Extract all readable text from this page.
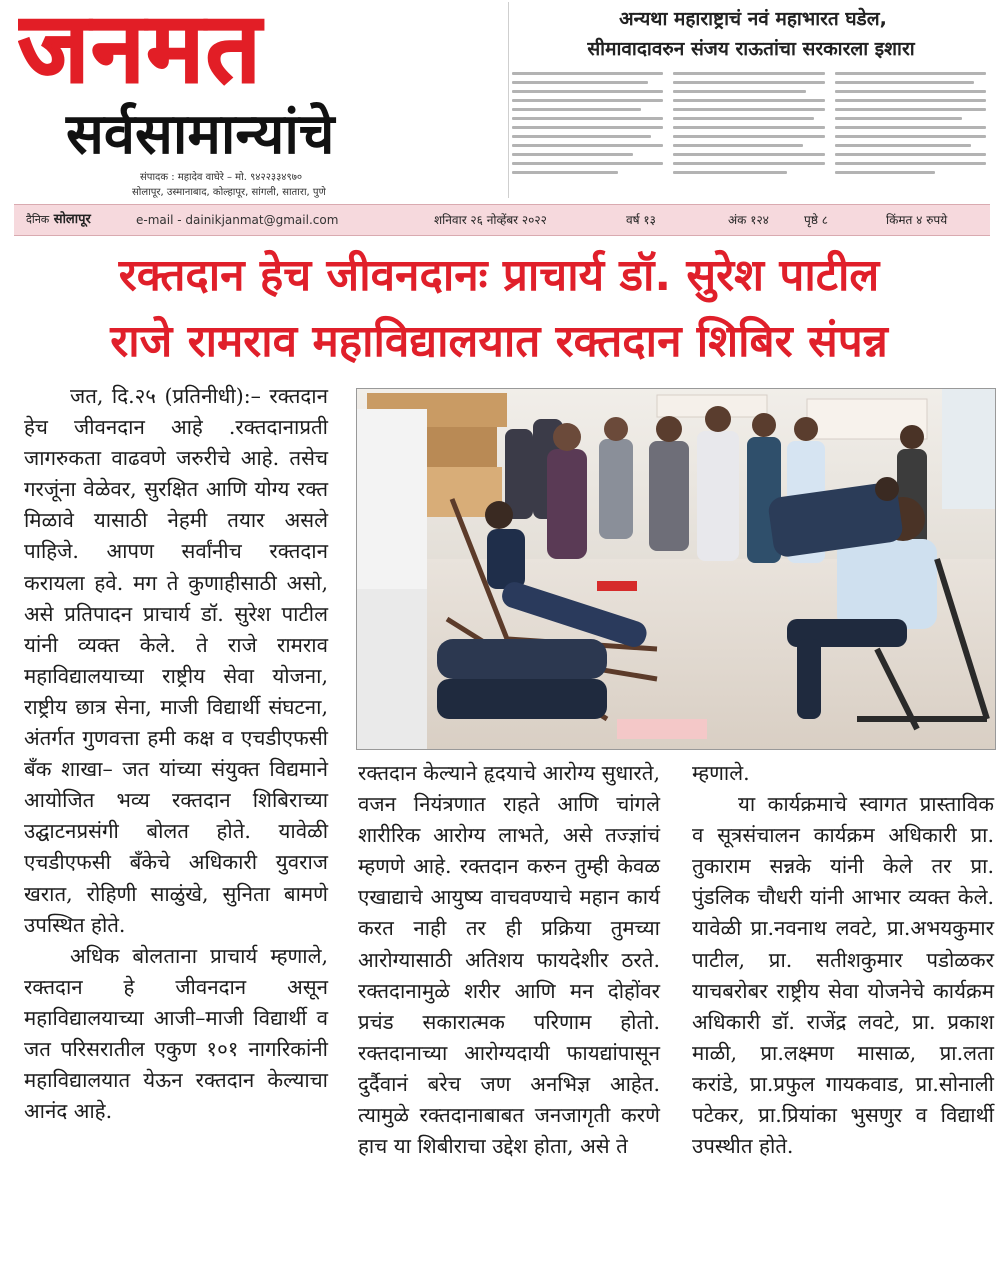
जनमत
सर्वसामान्यांचे
संपादक : महादेव वाघेरे – मो. ९४२२३३४९७०
सोलापूर, उस्मानाबाद, कोल्हापूर, सांगली, सातारा, पुणे
अन्यथा महाराष्ट्राचं नवं महाभारत घडेल,
सीमावादावरुन संजय राऊतांचा सरकारला इशारा
दैनिक सोलापूर	e-mail - dainikjanmat@gmail.com	शनिवार २६ नोव्हेंबर २०२२	वर्ष १३	अंक १२४	पृष्ठे ८	किंमत ४ रुपये
रक्तदान हेच जीवनदानः प्राचार्य डॉ. सुरेश पाटील
राजे रामराव महाविद्यालयात रक्तदान शिबिर संपन्न

जत, दि.२५ (प्रतिनीधी):– रक्तदान हेच जीवनदान आहे .रक्तदानाप्रती जागरुकता वाढवणे जरुरीचे आहे. तसेच गरजूंना वेळेवर, सुरक्षित आणि योग्य रक्त मिळावे यासाठी नेहमी तयार असले पाहिजे. आपण सर्वांनीच रक्तदान करायला हवे. मग ते कुणाहीसाठी असो, असे प्रतिपादन प्राचार्य डॉ. सुरेश पाटील यांनी व्यक्त केले. ते राजे रामराव महाविद्यालयाच्या राष्ट्रीय सेवा योजना, राष्ट्रीय छात्र सेना, माजी विद्यार्थी संघटना, अंतर्गत गुणवत्ता हमी कक्ष व एचडीएफसी बँक शाखा– जत यांच्या संयुक्त विद्यमाने आयोजित भव्य रक्तदान शिबिराच्या उद्घाटनप्रसंगी बोलत होते. यावेळी एचडीएफसी बँकेचे अधिकारी युवराज खरात, रोहिणी साळुंखे, सुनिता बामणे उपस्थित होते.

अधिक बोलताना प्राचार्य म्हणाले, रक्तदान हे जीवनदान असून महाविद्यालयाच्या आजी–माजी विद्यार्थी व जत परिसरातील एकुण १०१ नागरिकांनी महाविद्यालयात येऊन रक्तदान केल्याचा आनंद आहे.

रक्तदान केल्याने हृदयाचे आरोग्य सुधारते, वजन नियंत्रणात राहते आणि चांगले शारीरिक आरोग्य लाभते, असे तज्ज्ञांचं म्हणणे आहे. रक्तदान करुन तुम्ही केवळ एखाद्याचे आयुष्य वाचवण्याचे महान कार्य करत नाही तर ही प्रक्रिया तुमच्या आरोग्यासाठी अतिशय फायदेशीर ठरते. रक्तदानामुळे शरीर आणि मन दोहोंवर प्रचंड सकारात्मक परिणाम होतो. रक्तदानाच्या आरोग्यदायी फायद्यांपासून दुर्दैवानं बरेच जण अनभिज्ञ आहेत. त्यामुळे रक्तदानाबाबत जनजागृती करणे हाच या शिबीराचा उद्देश होता, असे ते

म्हणाले.

या कार्यक्रमाचे स्वागत प्रास्ताविक व सूत्रसंचालन कार्यक्रम अधिकारी प्रा. तुकाराम सन्नके यांनी केले तर प्रा. पुंडलिक चौधरी यांनी आभार व्यक्त केले. यावेळी प्रा.नवनाथ लवटे, प्रा.अभयकुमार पाटील, प्रा. सतीशकुमार पडोळकर याचबरोबर राष्ट्रीय सेवा योजनेचे कार्यक्रम अधिकारी डॉ. राजेंद्र लवटे, प्रा. प्रकाश माळी, प्रा.लक्ष्मण मासाळ, प्रा.लता करांडे, प्रा.प्रफुल गायकवाड, प्रा.सोनाली पटेकर, प्रा.प्रियांका भुसणुर व विद्यार्थी उपस्थीत होते.
